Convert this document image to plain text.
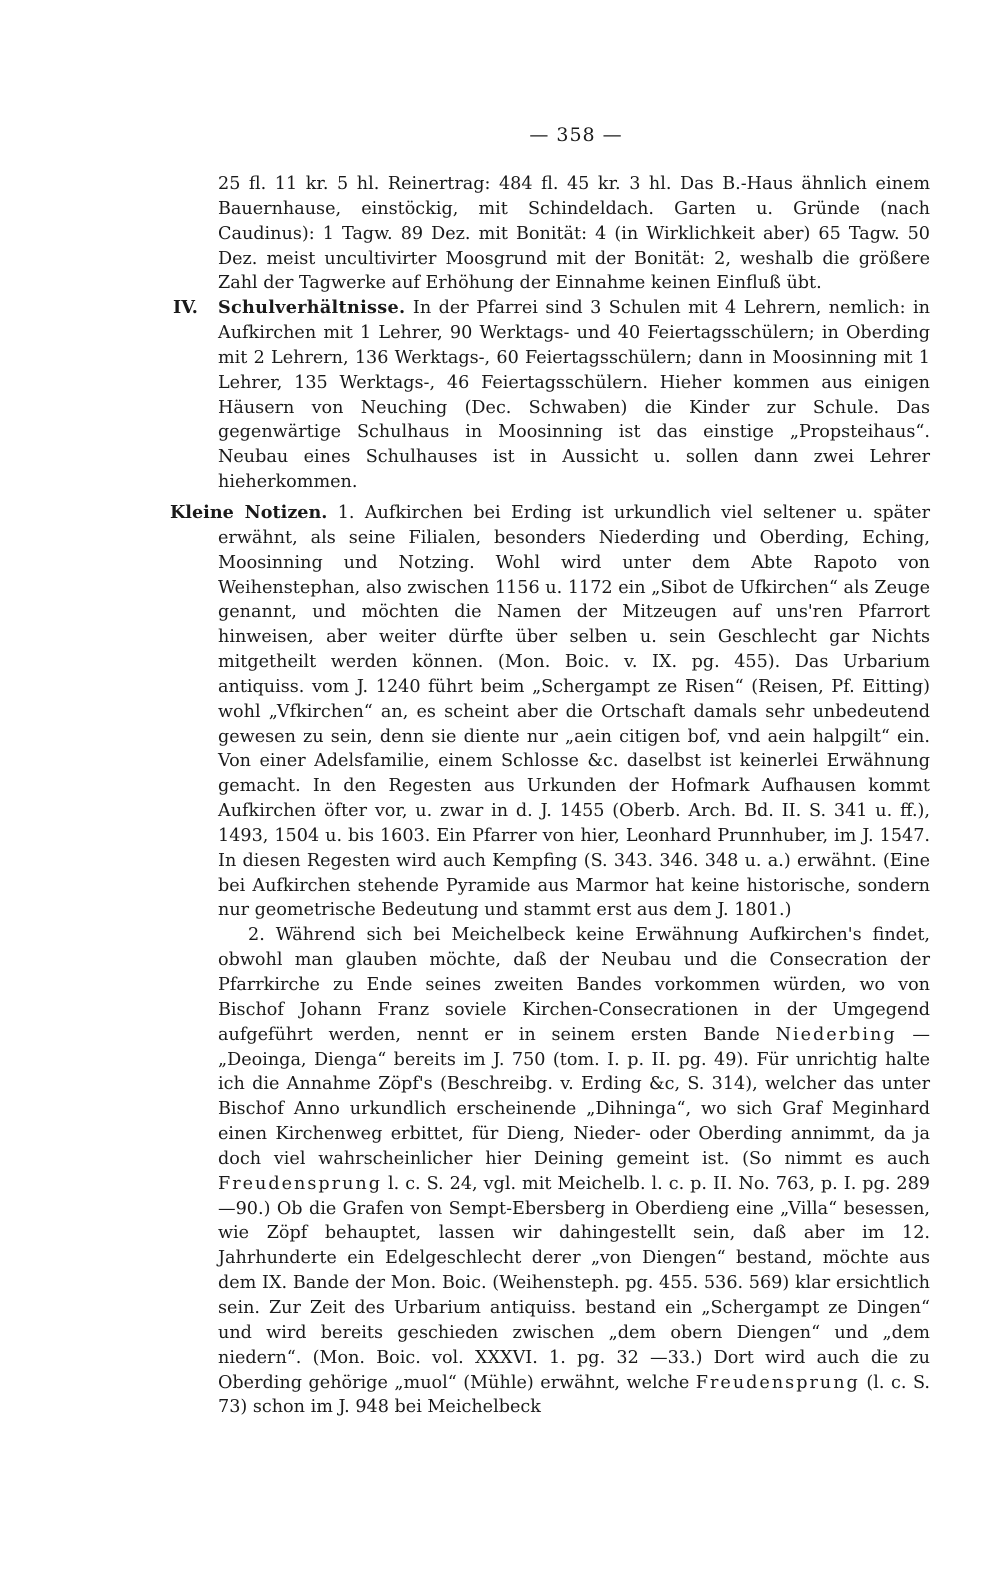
— 358 —

25 fl. 11 kr. 5 hl. Reinertrag: 484 fl. 45 kr. 3 hl. Das B.-Haus ähnlich einem Bauernhause, einstöckig, mit Schindeldach. Garten u. Gründe (nach Caudinus): 1 Tagw. 89 Dez. mit Bonität: 4 (in Wirklichkeit aber) 65 Tagw. 50 Dez. meist uncultivirter Moosgrund mit der Bonität: 2, weshalb die größere Zahl der Tagwerke auf Erhöhung der Einnahme keinen Einfluß übt.

IV. Schulverhältnisse. In der Pfarrei sind 3 Schulen mit 4 Lehrern, nemlich: in Aufkirchen mit 1 Lehrer, 90 Werktags- und 40 Feiertagsschülern; in Oberding mit 2 Lehrern, 136 Werktags-, 60 Feiertagsschülern; dann in Moosinning mit 1 Lehrer, 135 Werktags-, 46 Feiertagsschülern. Hieher kommen aus einigen Häusern von Neuching (Dec. Schwaben) die Kinder zur Schule. Das gegenwärtige Schulhaus in Moosinning ist das einstige „Propsteihaus“. Neubau eines Schulhauses ist in Aussicht u. sollen dann zwei Lehrer hieherkommen.

Kleine Notizen. 1. Aufkirchen bei Erding ist urkundlich viel seltener u. später erwähnt, als seine Filialen, besonders Niederding und Oberding, Eching, Moosinning und Notzing. Wohl wird unter dem Abte Rapoto von Weihenstephan, also zwischen 1156 u. 1172 ein „Sibot de Ufkirchen“ als Zeuge genannt, und möchten die Namen der Mitzeugen auf uns'ren Pfarrort hinweisen, aber weiter dürfte über selben u. sein Geschlecht gar Nichts mitgetheilt werden können. (Mon. Boic. v. IX. pg. 455). Das Urbarium antiquiss. vom J. 1240 führt beim „Schergampt ze Risen“ (Reisen, Pf. Eitting) wohl „Vfkirchen“ an, es scheint aber die Ortschaft damals sehr unbedeutend gewesen zu sein, denn sie diente nur „aein citigen bof, vnd aein halpgilt“ ein. Von einer Adelsfamilie, einem Schlosse &c. daselbst ist keinerlei Erwähnung gemacht. In den Regesten aus Urkunden der Hofmark Aufhausen kommt Aufkirchen öfter vor, u. zwar in d. J. 1455 (Oberb. Arch. Bd. II. S. 341 u. ff.), 1493, 1504 u. bis 1603. Ein Pfarrer von hier, Leonhard Prunnhuber, im J. 1547. In diesen Regesten wird auch Kempfing (S. 343. 346. 348 u. a.) erwähnt. (Eine bei Aufkirchen stehende Pyramide aus Marmor hat keine historische, sondern nur geometrische Bedeutung und stammt erst aus dem J. 1801.)

2. Während sich bei Meichelbeck keine Erwähnung Aufkirchen's findet, obwohl man glauben möchte, daß der Neubau und die Consecration der Pfarrkirche zu Ende seines zweiten Bandes vorkommen würden, wo von Bischof Johann Franz soviele Kirchen-Consecrationen in der Umgegend aufgeführt werden, nennt er in seinem ersten Bande Niederbing — „Deoinga, Dienga“ bereits im J. 750 (tom. I. p. II. pg. 49). Für unrichtig halte ich die Annahme Zöpf's (Beschreibg. v. Erding &c, S. 314), welcher das unter Bischof Anno urkundlich erscheinende „Dihninga“, wo sich Graf Meginhard einen Kirchenweg erbittet, für Dieng, Nieder- oder Oberding annimmt, da ja doch viel wahrscheinlicher hier Deining gemeint ist. (So nimmt es auch Freudensprung l. c. S. 24, vgl. mit Meichelb. l. c. p. II. No. 763, p. I. pg. 289—90.) Ob die Grafen von Sempt-Ebersberg in Oberdieng eine „Villa“ besessen, wie Zöpf behauptet, lassen wir dahingestellt sein, daß aber im 12. Jahrhunderte ein Edelgeschlecht derer „von Diengen“ bestand, möchte aus dem IX. Bande der Mon. Boic. (Weihensteph. pg. 455. 536. 569) klar ersichtlich sein. Zur Zeit des Urbarium antiquiss. bestand ein „Schergampt ze Dingen“ und wird bereits geschieden zwischen „dem obern Diengen“ und „dem niedern“. (Mon. Boic. vol. XXXVI. 1. pg. 32 —33.) Dort wird auch die zu Oberding gehörige „muol“ (Mühle) erwähnt, welche Freudensprung (l. c. S. 73) schon im J. 948 bei Meichelbeck
